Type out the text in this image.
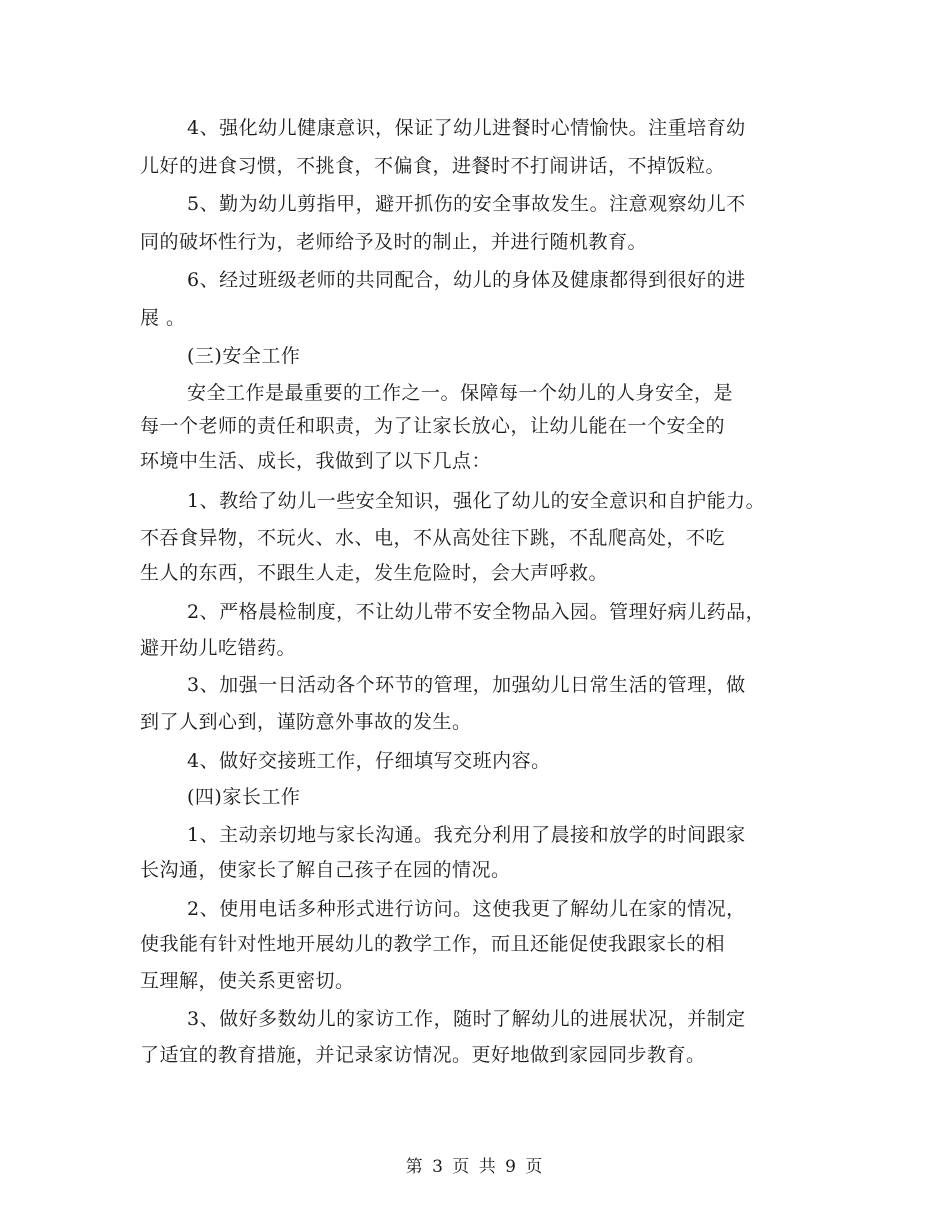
4、强化幼儿健康意识，保证了幼儿进餐时心情愉快。注重培育幼
儿好的进食习惯，不挑食，不偏食，进餐时不打闹讲话，不掉饭粒。
5、勤为幼儿剪指甲，避开抓伤的安全事故发生。注意观察幼儿不
同的破坏性行为，老师给予及时的制止，并进行随机教育。
6、经过班级老师的共同配合，幼儿的身体及健康都得到很好的进
展 。
(三)安全工作
安全工作是最重要的工作之一。保障每一个幼儿的人身安全，是
每一个老师的责任和职责，为了让家长放心，让幼儿能在一个安全的
环境中生活、成长，我做到了以下几点：
1、教给了幼儿一些安全知识，强化了幼儿的安全意识和自护能力。
不吞食异物，不玩火、水、电，不从高处往下跳，不乱爬高处，不吃
生人的东西，不跟生人走，发生危险时，会大声呼救。
2、严格晨检制度，不让幼儿带不安全物品入园。管理好病儿药品，
避开幼儿吃错药。
3、加强一日活动各个环节的管理，加强幼儿日常生活的管理，做
到了人到心到，谨防意外事故的发生。
4、做好交接班工作，仔细填写交班内容。
(四)家长工作
1、主动亲切地与家长沟通。我充分利用了晨接和放学的时间跟家
长沟通，使家长了解自己孩子在园的情况。
2、使用电话多种形式进行访问。这使我更了解幼儿在家的情况，
使我能有针对性地开展幼儿的教学工作，而且还能促使我跟家长的相
互理解，使关系更密切。
3、做好多数幼儿的家访工作，随时了解幼儿的进展状况，并制定
了适宜的教育措施，并记录家访情况。更好地做到家园同步教育。
第 3 页 共 9 页
